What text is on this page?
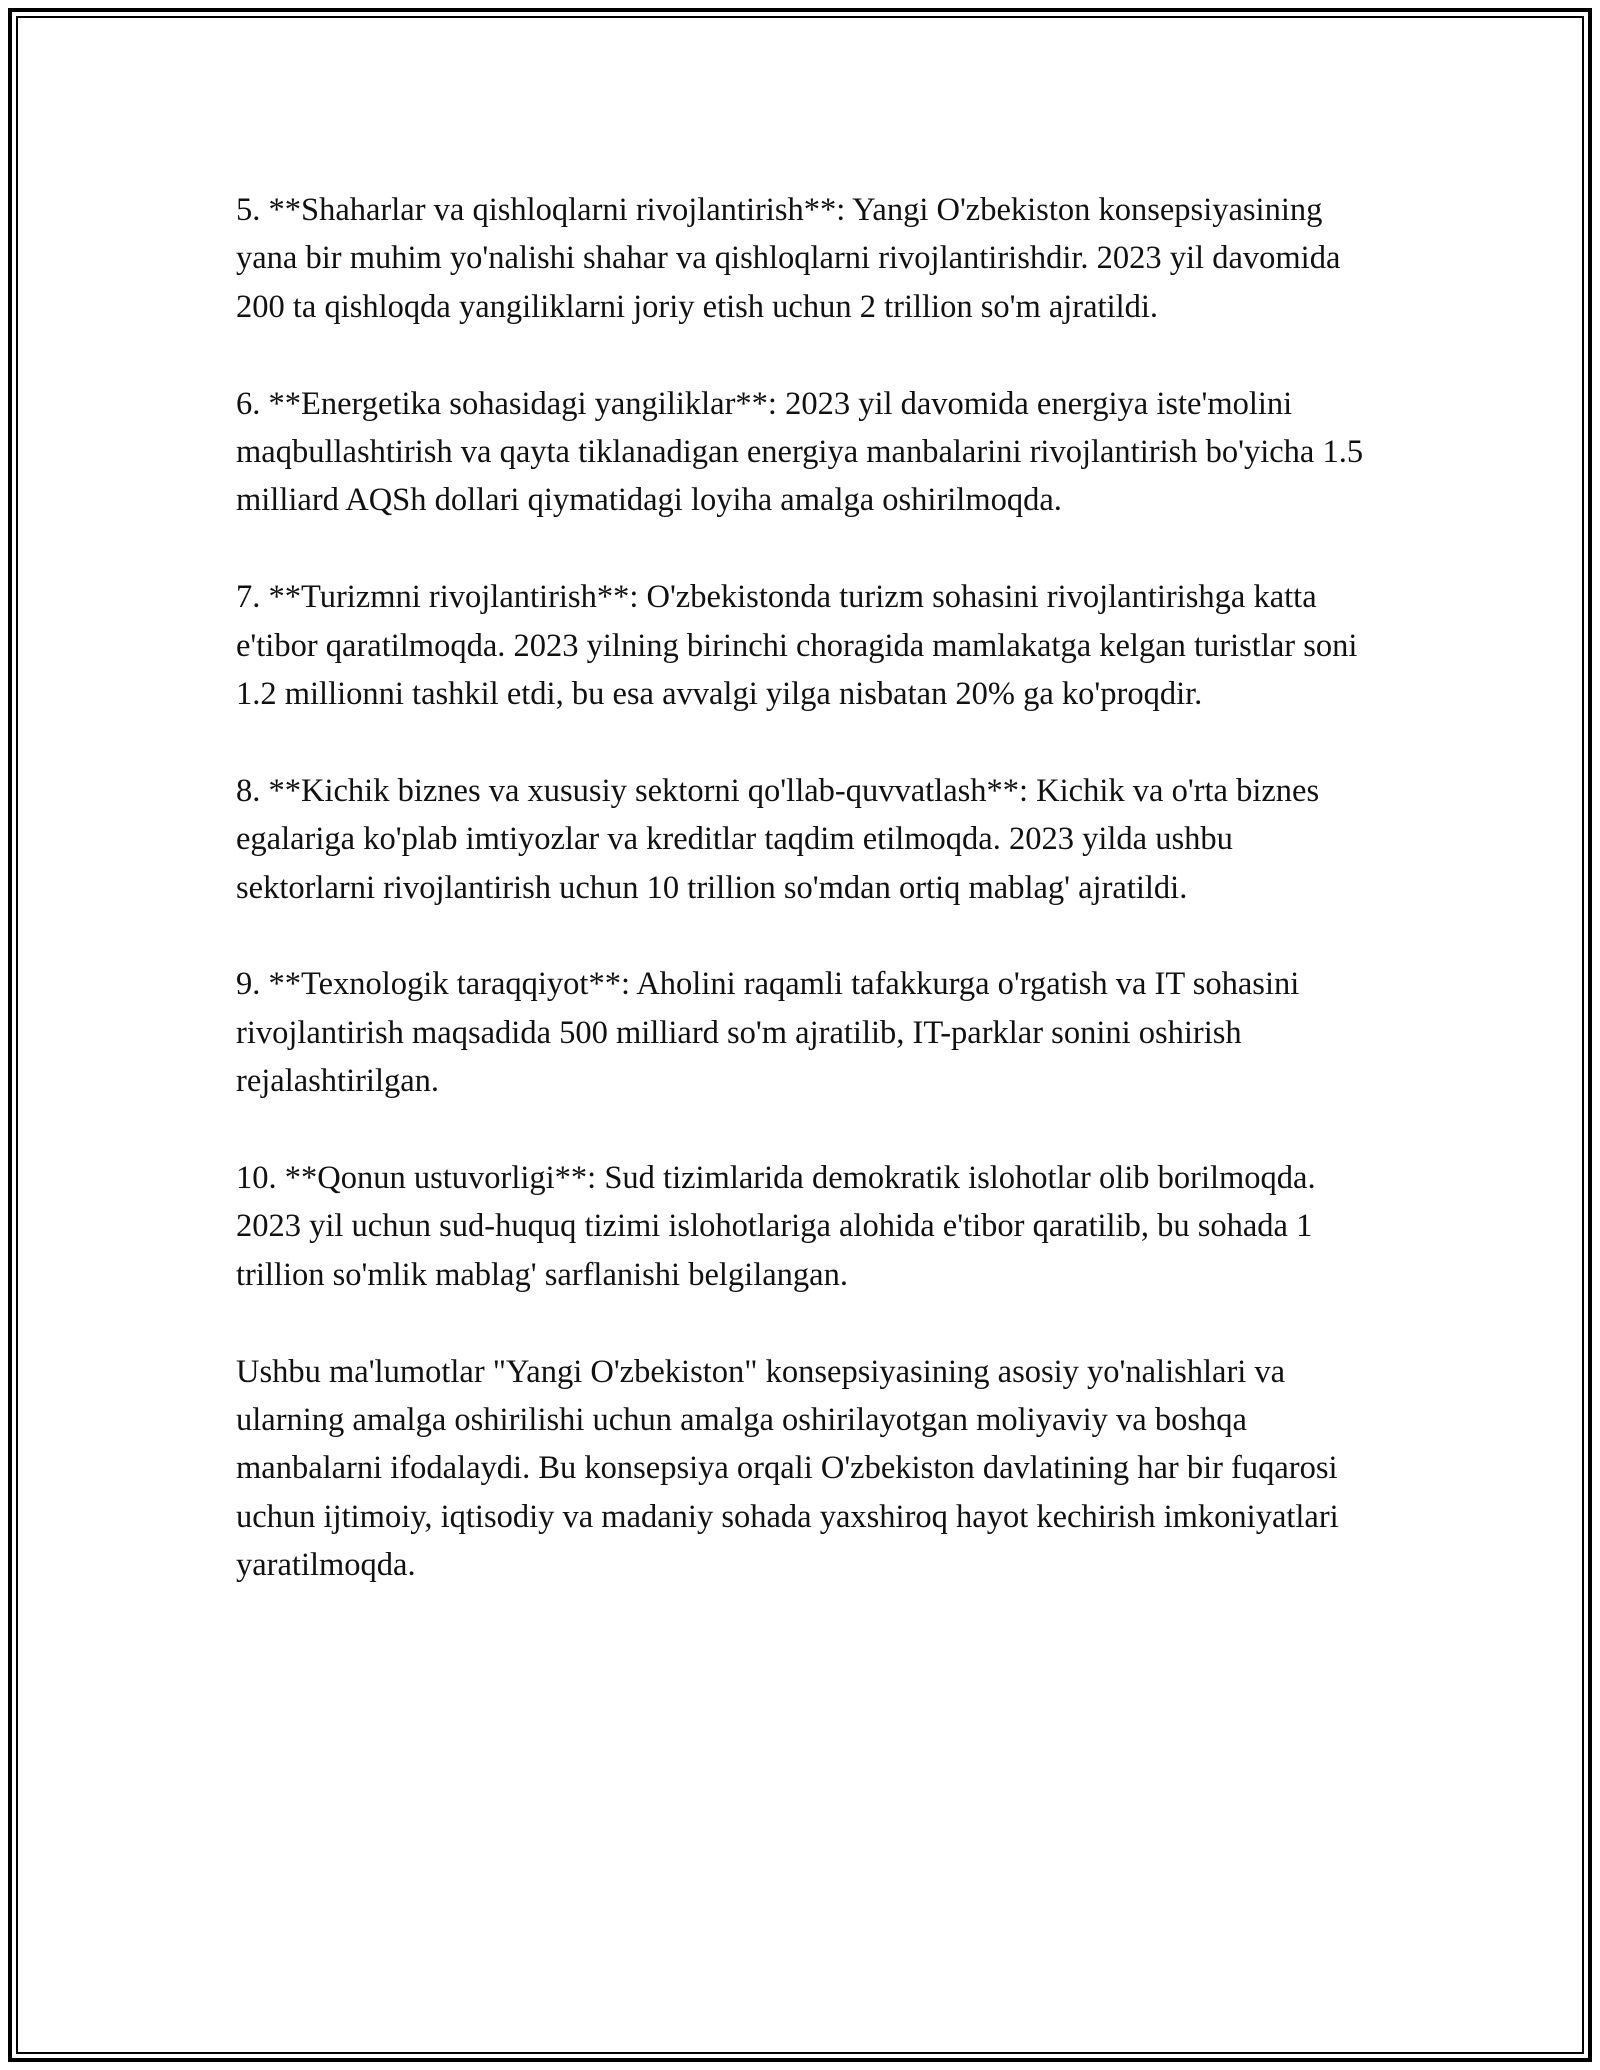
5. **Shaharlar va qishloqlarni rivojlantirish**: Yangi O'zbekiston konsepsiyasining yana bir muhim yo'nalishi shahar va qishloqlarni rivojlantirishdir. 2023 yil davomida 200 ta qishloqda yangiliklarni joriy etish uchun 2 trillion so'm ajratildi.

6. **Energetika sohasidagi yangiliklar**: 2023 yil davomida energiya iste'molini maqbullashtirish va qayta tiklanadigan energiya manbalarini rivojlantirish bo'yicha 1.5 milliard AQSh dollari qiymatidagi loyiha amalga oshirilmoqda.

7. **Turizmni rivojlantirish**: O'zbekistonda turizm sohasini rivojlantirishga katta e'tibor qaratilmoqda. 2023 yilning birinchi choragida mamlakatga kelgan turistlar soni 1.2 millionni tashkil etdi, bu esa avvalgi yilga nisbatan 20% ga ko'proqdir.

8. **Kichik biznes va xususiy sektorni qo'llab-quvvatlash**: Kichik va o'rta biznes egalariga ko'plab imtiyozlar va kreditlar taqdim etilmoqda. 2023 yilda ushbu sektorlarni rivojlantirish uchun 10 trillion so'mdan ortiq mablag' ajratildi.

9. **Texnologik taraqqiyot**: Aholini raqamli tafakkurga o'rgatish va IT sohasini rivojlantirish maqsadida 500 milliard so'm ajratilib, IT-parklar sonini oshirish rejalashtirilgan.

10. **Qonun ustuvorligi**: Sud tizimlarida demokratik islohotlar olib borilmoqda. 2023 yil uchun sud-huquq tizimi islohotlariga alohida e'tibor qaratilib, bu sohada 1 trillion so'mlik mablag' sarflanishi belgilangan.

Ushbu ma'lumotlar "Yangi O'zbekiston" konsepsiyasining asosiy yo'nalishlari va ularning amalga oshirilishi uchun amalga oshirilayotgan moliyaviy va boshqa manbalarni ifodalaydi. Bu konsepsiya orqali O'zbekiston davlatining har bir fuqarosi uchun ijtimoiy, iqtisodiy va madaniy sohada yaxshiroq hayot kechirish imkoniyatlari yaratilmoqda.
